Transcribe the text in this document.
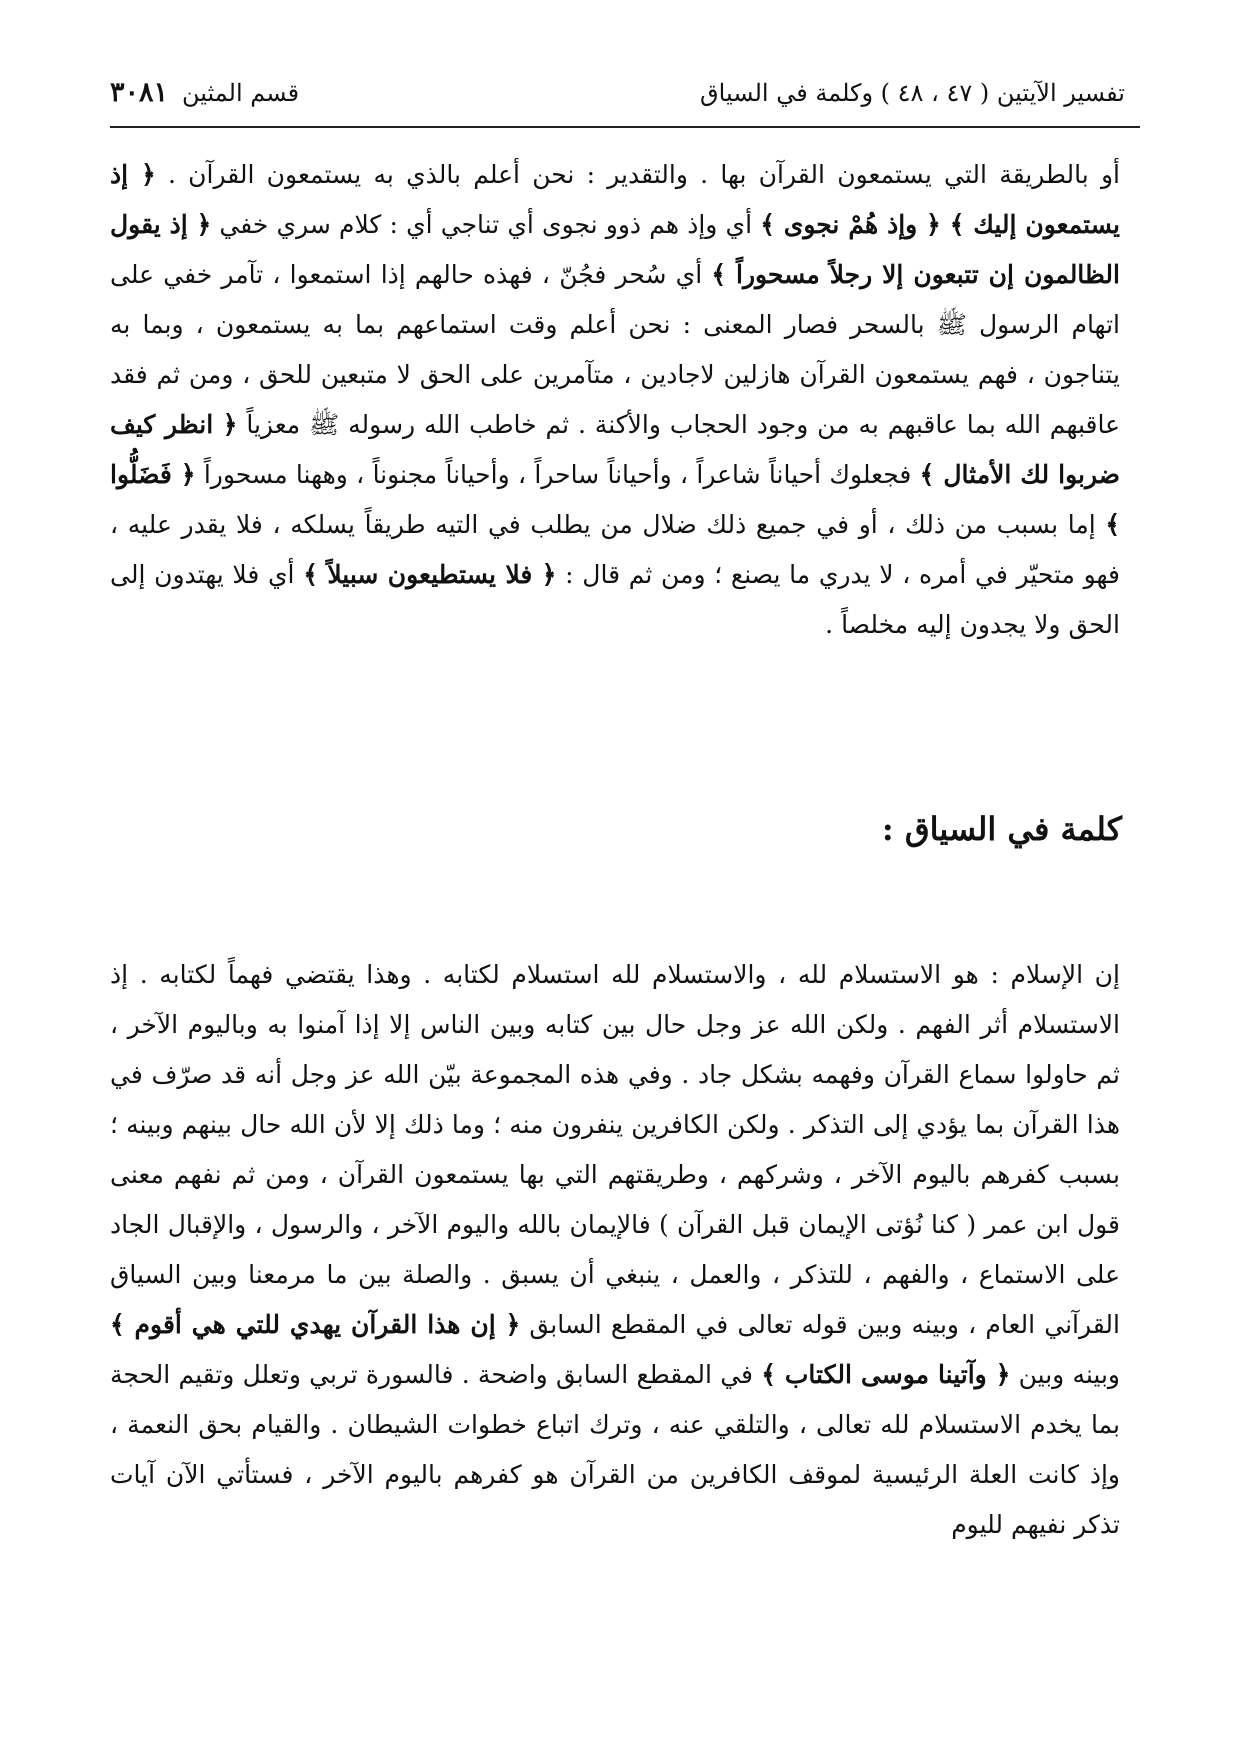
تفسير الآيتين ( ٤٧ ، ٤٨ ) وكلمة في السياق
قسم المثين٣٠٨١

أو بالطريقة التي يستمعون القرآن بها . والتقدير : نحن أعلم بالذي به يستمعون القرآن . ﴿ إذ يستمعون إليك ﴾ ﴿ وإذ هُمْ نجوى ﴾ أي وإذ هم ذوو نجوى أي تناجي أي : كلام سري خفي ﴿ إذ يقول الظالمون إن تتبعون إلا رجلاً مسحوراً ﴾ أي سُحر فجُنّ ، فهذه حالهم إذا استمعوا ، تآمر خفي على اتهام الرسول ﷺ بالسحر فصار المعنى : نحن أعلم وقت استماعهم بما به يستمعون ، وبما به يتناجون ، فهم يستمعون القرآن هازلين لاجادين ، متآمرين على الحق لا متبعين للحق ، ومن ثم فقد عاقبهم الله بما عاقبهم به من وجود الحجاب والأكنة . ثم خاطب الله رسوله ﷺ معزياً ﴿ انظر كيف ضربوا لك الأمثال ﴾ فجعلوك أحياناً شاعراً ، وأحياناً ساحراً ، وأحياناً مجنوناً ، وههنا مسحوراً ﴿ فَضَلُّوا ﴾ إما بسبب من ذلك ، أو في جميع ذلك ضلال من يطلب في التيه طريقاً يسلكه ، فلا يقدر عليه ، فهو متحيّر في أمره ، لا يدري ما يصنع ؛ ومن ثم قال : ﴿ فلا يستطيعون سبيلاً ﴾ أي فلا يهتدون إلى الحق ولا يجدون إليه مخلصاً .

كلمة في السياق :

إن الإسلام : هو الاستسلام لله ، والاستسلام لله استسلام لكتابه . وهذا يقتضي فهماً لكتابه . إذ الاستسلام أثر الفهم . ولكن الله عز وجل حال بين كتابه وبين الناس إلا إذا آمنوا به وباليوم الآخر ، ثم حاولوا سماع القرآن وفهمه بشكل جاد . وفي هذه المجموعة بيّن الله عز وجل أنه قد صرّف في هذا القرآن بما يؤدي إلى التذكر . ولكن الكافرين ينفرون منه ؛ وما ذلك إلا لأن الله حال بينهم وبينه ؛ بسبب كفرهم باليوم الآخر ، وشركهم ، وطريقتهم التي بها يستمعون القرآن ، ومن ثم نفهم معنى قول ابن عمر ( كنا نُؤتى الإيمان قبل القرآن ) فالإيمان بالله واليوم الآخر ، والرسول ، والإقبال الجاد على الاستماع ، والفهم ، للتذكر ، والعمل ، ينبغي أن يسبق . والصلة بين ما مرمعنا وبين السياق القرآني العام ، وبينه وبين قوله تعالى في المقطع السابق ﴿ إن هذا القرآن يهدي للتي هي أقوم ﴾ وبينه وبين ﴿ وآتينا موسى الكتاب ﴾ في المقطع السابق واضحة . فالسورة تربي وتعلل وتقيم الحجة بما يخدم الاستسلام لله تعالى ، والتلقي عنه ، وترك اتباع خطوات الشيطان . والقيام بحق النعمة ، وإذ كانت العلة الرئيسية لموقف الكافرين من القرآن هو كفرهم باليوم الآخر ، فستأتي الآن آيات تذكر نفيهم لليوم
